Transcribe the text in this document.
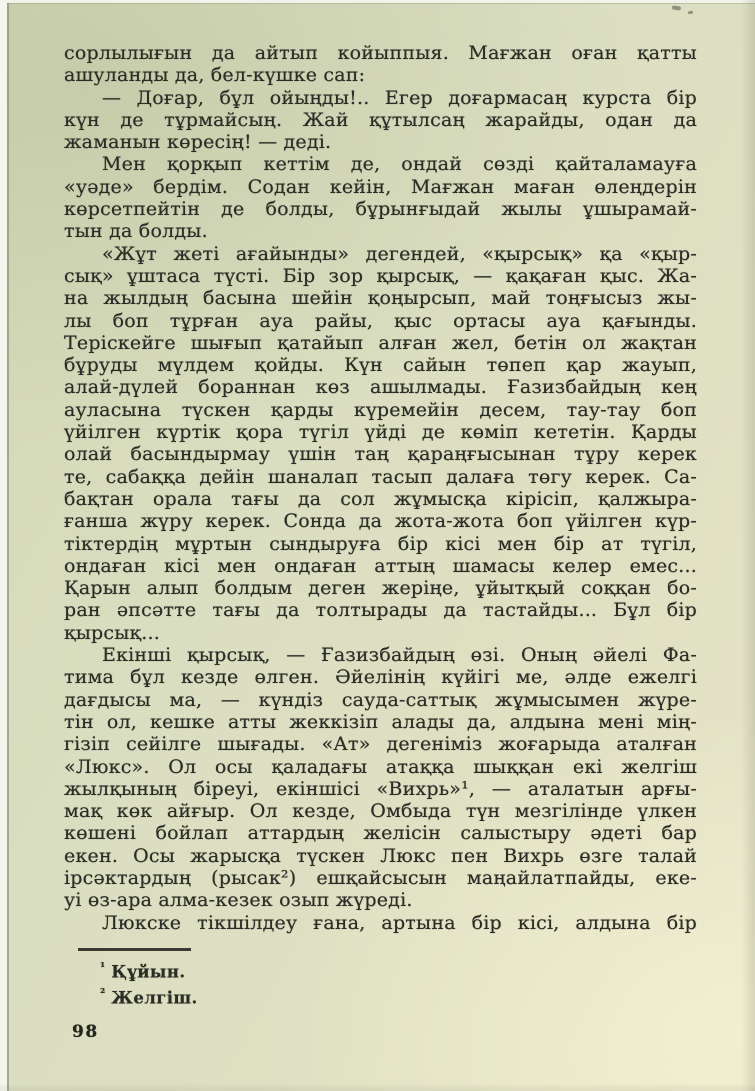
сорлылығын да айтып койыппыя. Мағжан оған қатты
ашуланды да, бел-күшке сап:
— Доғар, бұл ойыңды!.. Егер доғармасаң курста бір
күн де тұрмайсың. Жай құтылсаң жарайды, одан да
жаманын көресің! — деді.
Мен қорқып кеттім де, ондай сөзді қайталамауға
«уәде» бердім. Содан кейін, Мағжан маған өлеңдерін
көрсетпейтін де болды, бұрынғыдай жылы ұшырамай-
тын да болды.
«Жұт жеті ағайынды» дегендей, «қырсық» қа «қыр-
сық» ұштаса түсті. Бір зор қырсық, — қақаған қыс. Жа-
на жылдың басына шейін қоңырсып, май тоңғысыз жы-
лы боп тұрған ауа райы, қыс ортасы ауа қағынды.
Теріскейге шығып қатайып алған жел, бетін ол жақтан
бұруды мүлдем қойды. Күн сайын төпеп қар жауып,
алай-дүлей бораннан көз ашылмады. Ғазизбайдың кең
ауласына түскен қарды күремейін десем, тау-тау боп
үйілген күртік қора түгіл үйді де көміп кететін. Қарды
олай басындырмау үшін таң қараңғысынан тұру керек
те, сабаққа дейін шаналап тасып далаға төгу керек. Са-
бақтан орала тағы да сол жұмысқа кірісіп, қалжыра-
ғанша жүру керек. Сонда да жота-жота боп үйілген күр-
тіктердің мұртын сындыруға бір кісі мен бір ат түгіл,
ондаған кісі мен ондаған аттың шамасы келер емес...
Қарын алып болдым деген жеріңе, ұйытқый соққан бо-
ран әпсәтте тағы да толтырады да тастайды... Бұл бір
қырсық...
Екінші қырсық, — Ғазизбайдың өзі. Оның әйелі Фа-
тима бұл кезде өлген. Әйелінің күйігі ме, әлде ежелгі
дағдысы ма, — күндіз сауда-саттық жұмысымен жүре-
тін ол, кешке атты жеккізіп алады да, алдына мені мің-
гізіп сейілге шығады. «Ат» дегеніміз жоғарыда аталған
«Люкс». Ол осы қаладағы атаққа шыққан екі желгіш
жылқының біреуі, екіншісі «Вихрь»¹, — аталатын арғы-
мақ көк айғыр. Ол кезде, Омбыда түн мезгілінде үлкен
көшені бойлап аттардың желісін салыстыру әдеті бар
екен. Осы жарысқа түскен Люкс пен Вихрь өзге талай
ірсәктардың (рысак²) ешқайсысын маңайлатпайды, еке-
уі өз-ара алма-кезек озып жүреді.
Люкске тікшілдеу ғана, артына бір кісі, алдына бір
$^{^1}$ Құйын.
$^{^2}$ Желгіш.
98
